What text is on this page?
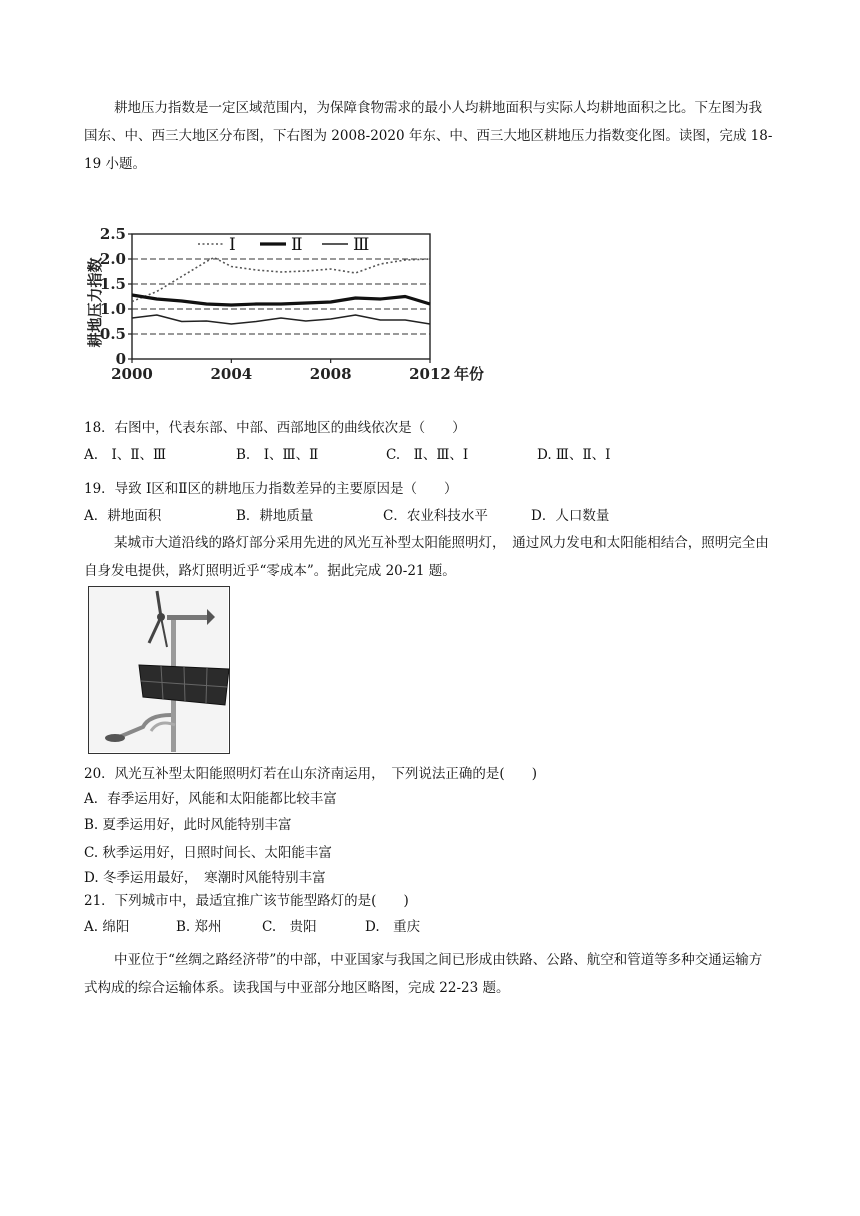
耕地压力指数是一定区域范围内，为保障食物需求的最小人均耕地面积与实际人均耕地面积之比。下左图为我国东、中、西三大地区分布图，下右图为 2008-2020 年东、中、西三大地区耕地压力指数变化图。读图，完成 18-19 小题。
0
0.5
1.0
1.5
2.0
2.5
2000	2004	2008	2012 年份
耕地压力指数
Ⅰ	Ⅱ	Ⅲ
18．右图中，代表东部、中部、西部地区的曲线依次是（　　）
A.　Ⅰ、Ⅱ、Ⅲ	B.　Ⅰ、Ⅲ、Ⅱ	C.　Ⅱ、Ⅲ、Ⅰ	D. Ⅲ、Ⅱ、Ⅰ
19．导致 Ⅰ区和Ⅱ区的耕地压力指数差异的主要原因是（　　）
A．耕地面积	B．耕地质量	C．农业科技水平	D．人口数量
某城市大道沿线的路灯部分采用先进的风光互补型太阳能照明灯，　通过风力发电和太阳能相结合，照明完全由自身发电提供，路灯照明近乎“零成本”。据此完成 20-21 题。
20．风光互补型太阳能照明灯若在山东济南运用，　下列说法正确的是(　　)
A．春季运用好，风能和太阳能都比较丰富
B. 夏季运用好，此时风能特别丰富
C. 秋季运用好，日照时间长、太阳能丰富
D. 冬季运用最好，　寒潮时风能特别丰富
21．下列城市中，最适宜推广该节能型路灯的是(　　)
A. 绵阳	B. 郑州	C.　贵阳	D.　重庆
中亚位于“丝绸之路经济带”的中部，中亚国家与我国之间已形成由铁路、公路、航空和管道等多种交通运输方式构成的综合运输体系。读我国与中亚部分地区略图，完成 22-23 题。
